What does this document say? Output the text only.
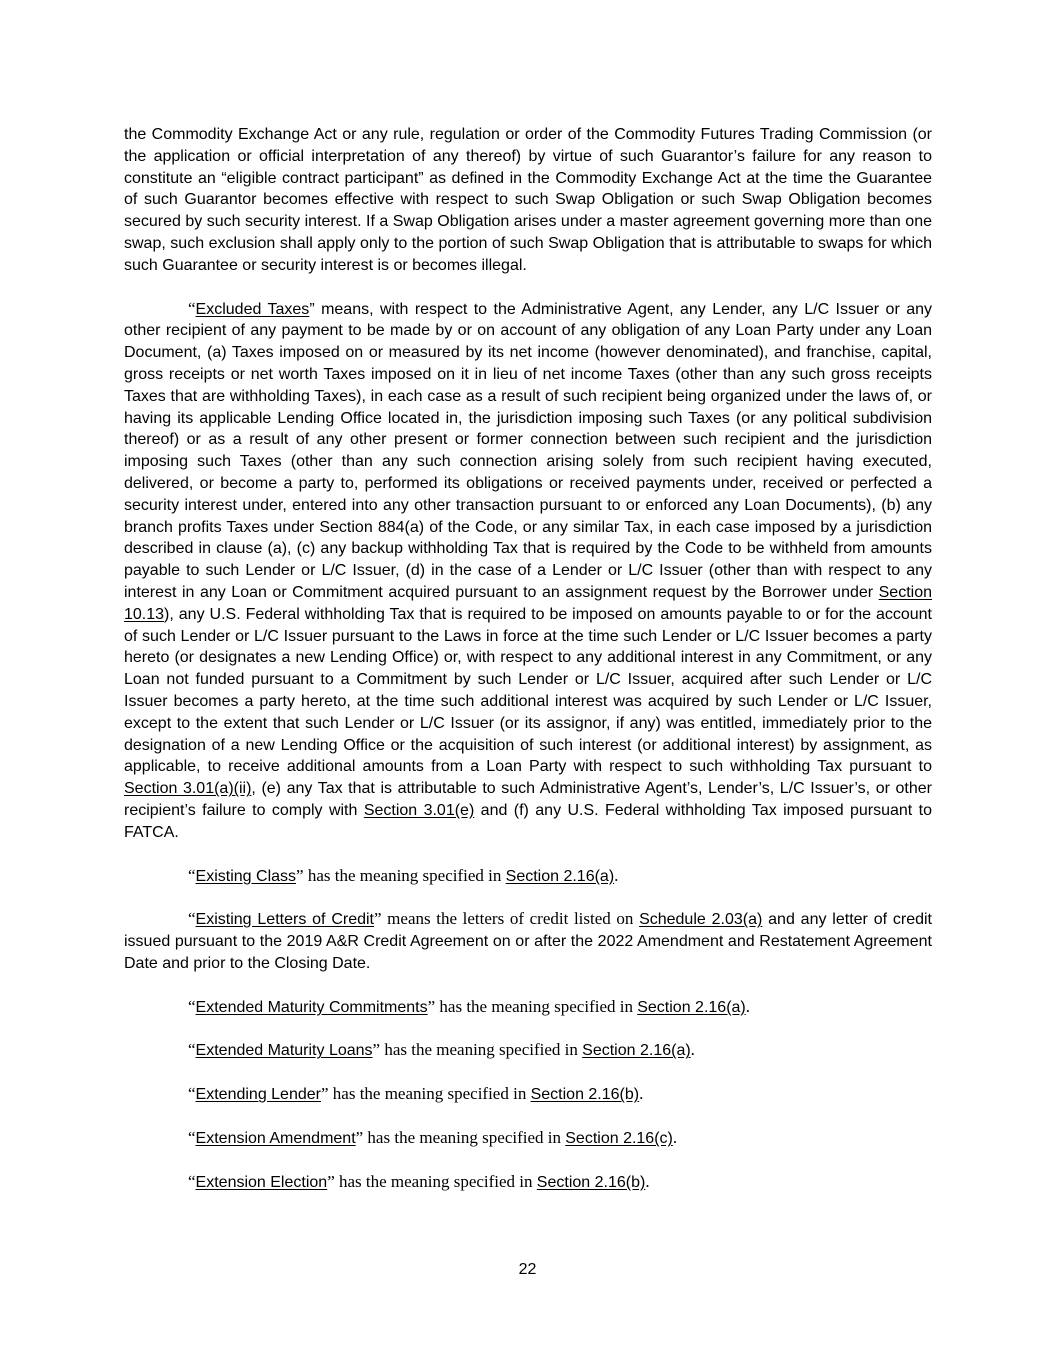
the Commodity Exchange Act or any rule, regulation or order of the Commodity Futures Trading Commission (or the application or official interpretation of any thereof) by virtue of such Guarantor’s failure for any reason to constitute an “eligible contract participant” as defined in the Commodity Exchange Act at the time the Guarantee of such Guarantor becomes effective with respect to such Swap Obligation or such Swap Obligation becomes secured by such security interest. If a Swap Obligation arises under a master agreement governing more than one swap, such exclusion shall apply only to the portion of such Swap Obligation that is attributable to swaps for which such Guarantee or security interest is or becomes illegal.

“Excluded Taxes” means, with respect to the Administrative Agent, any Lender, any L/C Issuer or any other recipient of any payment to be made by or on account of any obligation of any Loan Party under any Loan Document, (a) Taxes imposed on or measured by its net income (however denominated), and franchise, capital, gross receipts or net worth Taxes imposed on it in lieu of net income Taxes (other than any such gross receipts Taxes that are withholding Taxes), in each case as a result of such recipient being organized under the laws of, or having its applicable Lending Office located in, the jurisdiction imposing such Taxes (or any political subdivision thereof) or as a result of any other present or former connection between such recipient and the jurisdiction imposing such Taxes (other than any such connection arising solely from such recipient having executed, delivered, or become a party to, performed its obligations or received payments under, received or perfected a security interest under, entered into any other transaction pursuant to or enforced any Loan Documents), (b) any branch profits Taxes under Section 884(a) of the Code, or any similar Tax, in each case imposed by a jurisdiction described in clause (a), (c) any backup withholding Tax that is required by the Code to be withheld from amounts payable to such Lender or L/C Issuer, (d) in the case of a Lender or L/C Issuer (other than with respect to any interest in any Loan or Commitment acquired pursuant to an assignment request by the Borrower under Section 10.13), any U.S. Federal withholding Tax that is required to be imposed on amounts payable to or for the account of such Lender or L/C Issuer pursuant to the Laws in force at the time such Lender or L/C Issuer becomes a party hereto (or designates a new Lending Office) or, with respect to any additional interest in any Commitment, or any Loan not funded pursuant to a Commitment by such Lender or L/C Issuer, acquired after such Lender or L/C Issuer becomes a party hereto, at the time such additional interest was acquired by such Lender or L/C Issuer, except to the extent that such Lender or L/C Issuer (or its assignor, if any) was entitled, immediately prior to the designation of a new Lending Office or the acquisition of such interest (or additional interest) by assignment, as applicable, to receive additional amounts from a Loan Party with respect to such withholding Tax pursuant to Section 3.01(a)(ii), (e) any Tax that is attributable to such Administrative Agent’s, Lender’s, L/C Issuer’s, or other recipient’s failure to comply with Section 3.01(e) and (f) any U.S. Federal withholding Tax imposed pursuant to FATCA.

“Existing Class” has the meaning specified in Section 2.16(a).

“Existing Letters of Credit” means the letters of credit listed on Schedule 2.03(a) and any letter of credit issued pursuant to the 2019 A&R Credit Agreement on or after the 2022 Amendment and Restatement Agreement Date and prior to the Closing Date.

“Extended Maturity Commitments” has the meaning specified in Section 2.16(a).

“Extended Maturity Loans” has the meaning specified in Section 2.16(a).

“Extending Lender” has the meaning specified in Section 2.16(b).

“Extension Amendment” has the meaning specified in Section 2.16(c).

“Extension Election” has the meaning specified in Section 2.16(b).

22
